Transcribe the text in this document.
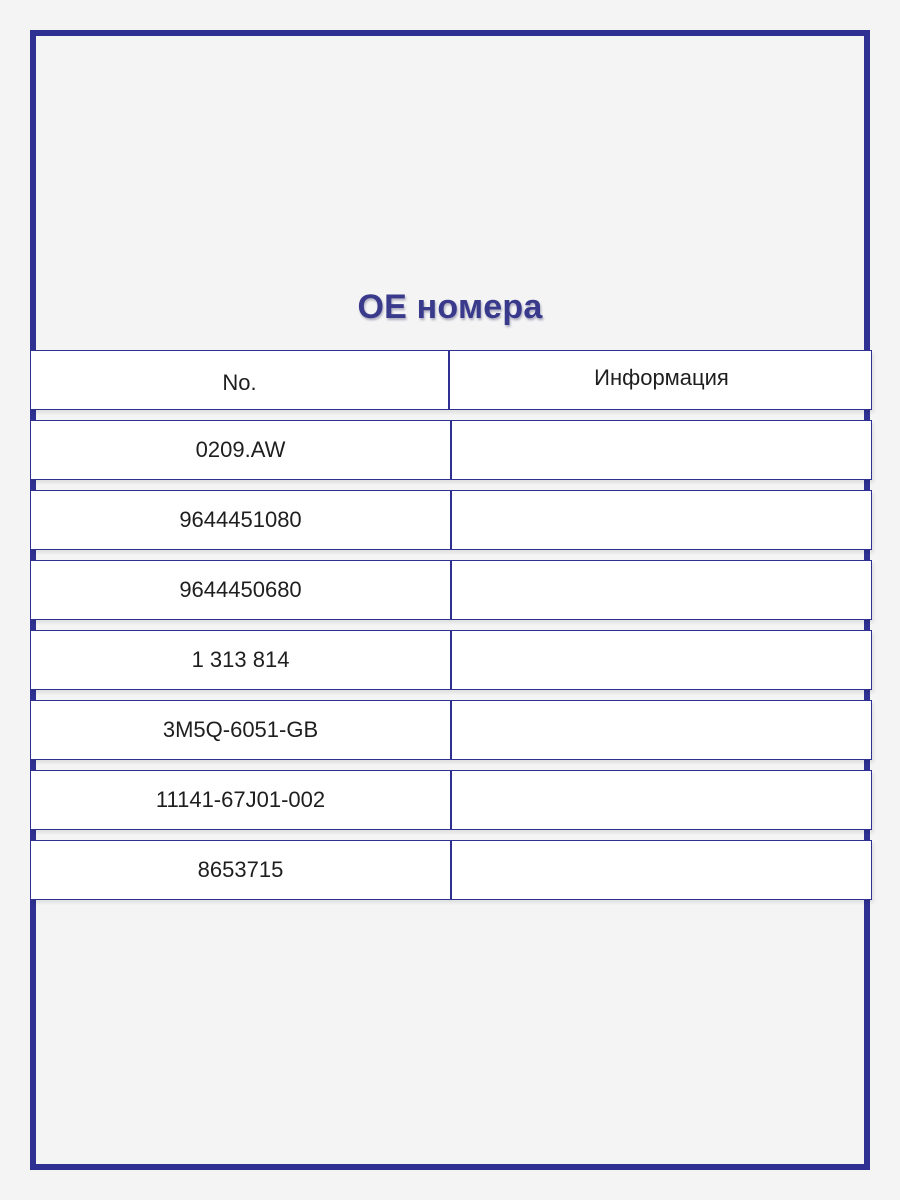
ОЕ номера
No.	Информация
0209.AW
9644451080
9644450680
1 313 814
3M5Q-6051-GB
11141-67J01-002
8653715
